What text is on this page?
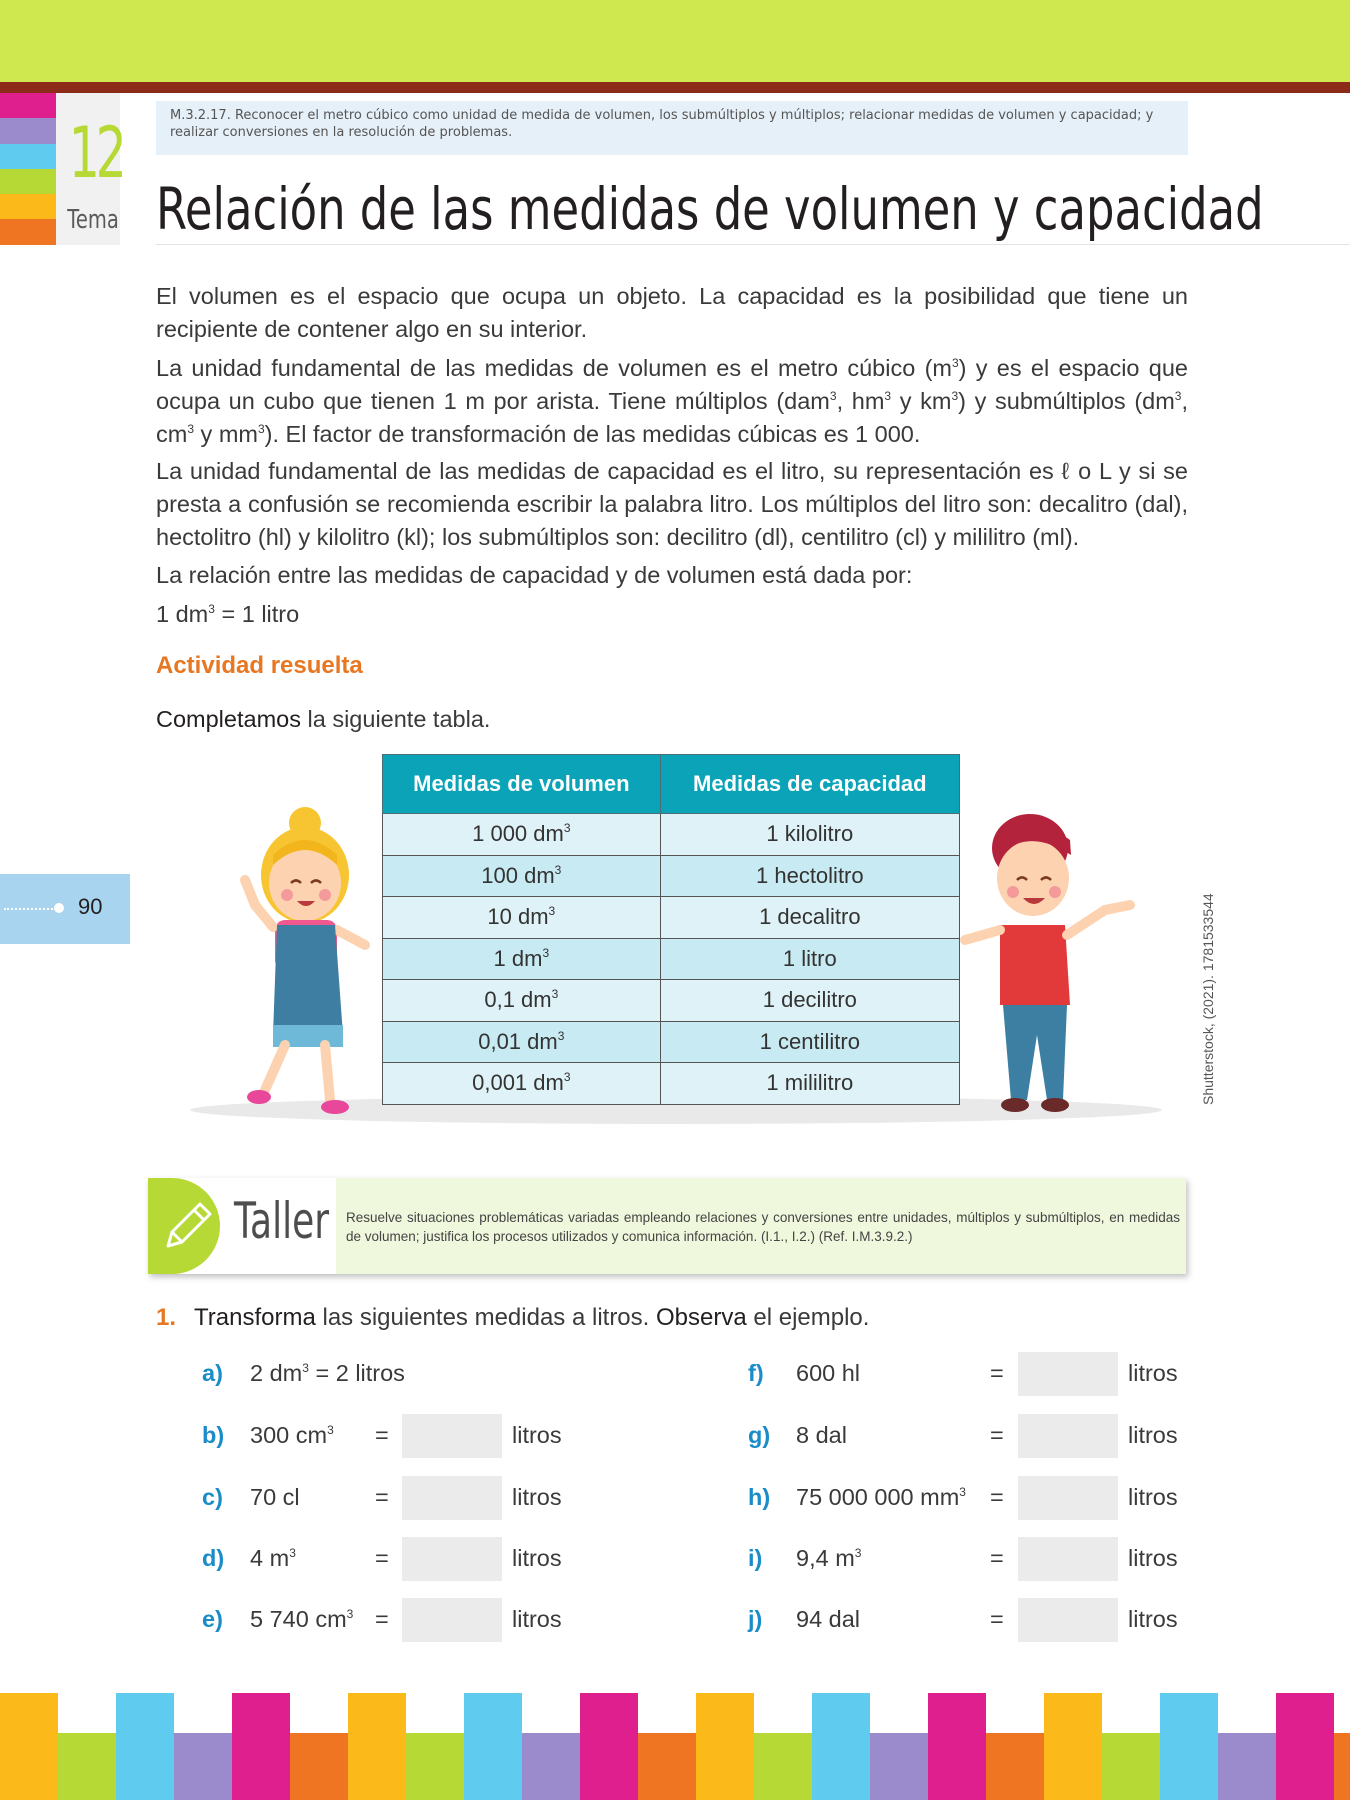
12
Tema
M.3.2.17. Reconocer el metro cúbico como unidad de medida de volumen, los submúltiplos y múltiplos; relacionar medidas de volumen y capacidad; y realizar conversiones en la resolución de problemas.
Relación de las medidas de volumen y capacidad
El volumen es el espacio que ocupa un objeto. La capacidad es la posibilidad que tiene un recipiente de contener algo en su interior.
La unidad fundamental de las medidas de volumen es el metro cúbico $(m^3)$ y es el espacio que ocupa un cubo que tienen 1 m por arista. Tiene múltiplos (dam$^3$, $hm^3$ y $km^3$) y submúltiplos ($dm^3$, $cm^3$ y $mm^3$). El factor de transformación de las medidas cúbicas es 1 000.
La unidad fundamental de las medidas de capacidad es el litro, su representación es ℓ o L y si se presta a confusión se recomienda escribir la palabra litro. Los múltiplos del litro son: decalitro (dal), hectolitro (hl) y kilolitro (kl); los submúltiplos son: decilitro (dl), centilitro (cl) y mililitro (ml).
La relación entre las medidas de capacidad y de volumen está dada por:
1 $dm^3 = 1$ litro
Actividad resuelta
Completamos la siguiente tabla.
Medidas de volumen	Medidas de capacidad
1 000 $dm^3$	1 kilolitro
100 $dm^3$	1 hectolitro
10 $dm^3$	1 decalitro
1 $dm^3$	1 litro
0,1 $dm^3$	1 decilitro
0,01 $dm^3$	1 centilitro
0,001 $dm^3$	1 mililitro
90	Shutterstock, (2021). 1781533544
Taller Resuelve situaciones problemáticas variadas empleando relaciones y conversiones entre unidades, múltiplos y submúltiplos, en medidas de volumen; justifica los procesos utilizados y comunica información. (I.1., I.2.) (Ref. I.M.3.9.2.)
1. Transforma las siguientes medidas a litros. Observa el ejemplo.
a) 2 $dm^3 = 2$ litros
b) 300 $cm^3$ =	litros
c) 70 cl	=	litros
d) 4 $m^3$	=	litros
e) 5 740 $cm^3$ =	litros
f) 600 hl	=	litros
g) 8 dal	=	litros
h) 75 000 000 $mm^3$ =	litros
i) 9,4 $m^3$	=	litros
j) 94 dal	=	litros
